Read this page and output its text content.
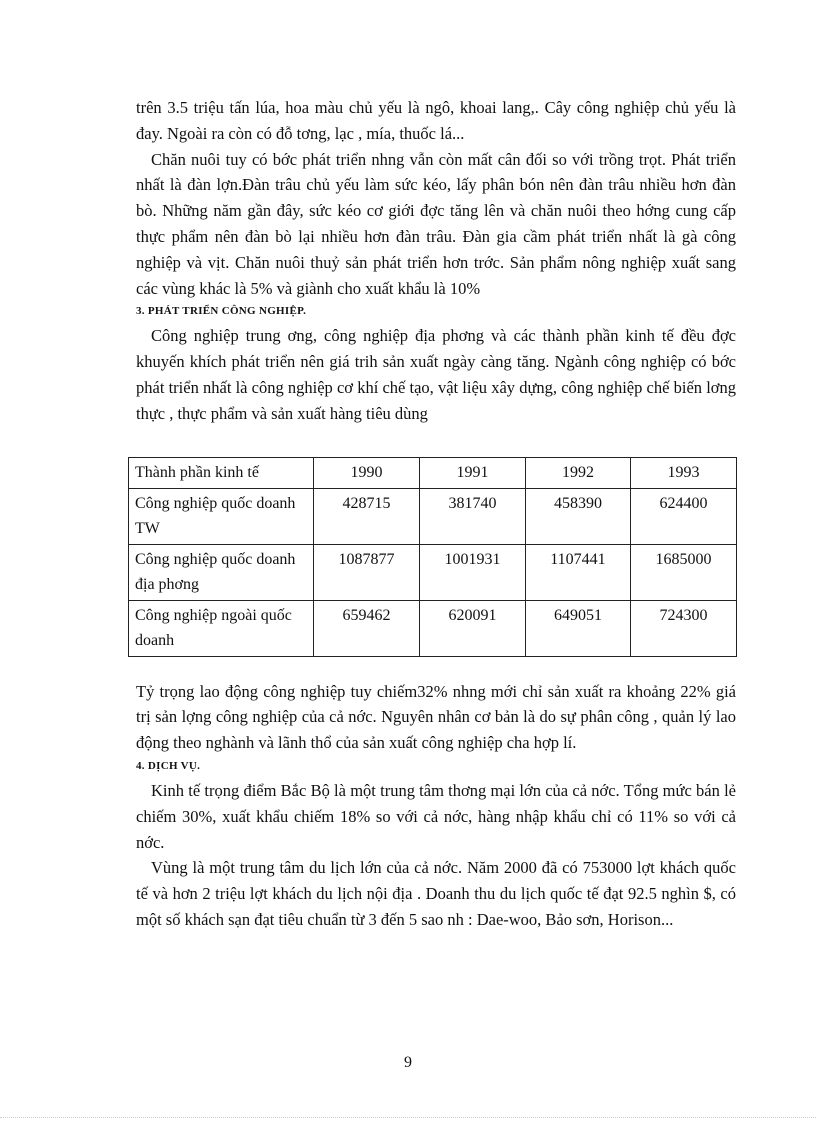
trên 3.5 triệu tấn lúa, hoa màu chủ yếu là ngô, khoai lang,. Cây công nghiệp chủ yếu là đay. Ngoài ra còn có đỗ tơng, lạc , mía, thuốc lá...

Chăn nuôi tuy có bớc phát triển nhng vẫn còn mất cân đối so với trồng trọt. Phát triển nhất là đàn lợn.Đàn trâu chủ yếu làm sức kéo, lấy phân bón nên đàn trâu nhiều hơn đàn bò. Những năm gần đây, sức kéo cơ giới đợc tăng lên và chăn nuôi theo hớng cung cấp thực phẩm nên đàn bò lại nhiều hơn đàn trâu. Đàn gia cầm phát triển nhất là gà công nghiệp và vịt. Chăn nuôi thuỷ sản phát triển hơn trớc. Sản phẩm nông nghiệp xuất sang các vùng khác là 5% và giành cho xuất khẩu là 10%

3. PHÁT TRIỂN CÔNG NGHIỆP.

Công nghiệp trung ơng, công nghiệp địa phơng và các thành phần kinh tế đều đợc khuyến khích phát triển nên giá trih sản xuất ngày càng tăng. Ngành công nghiệp có bớc phát triển nhất là công nghiệp cơ khí chế tạo, vật liệu xây dựng, công nghiệp chế biến lơng thực , thực phẩm và sản xuất hàng tiêu dùng

Thành phần kinh tế	1990	1991	1992	1993
Công nghiệp quốc doanh TW	428715	381740	458390	624400
Công nghiệp quốc doanh địa phơng	1087877	1001931	1107441	1685000
Công nghiệp ngoài quốc doanh	659462	620091	649051	724300

Tỷ trọng lao động công nghiệp tuy chiếm32% nhng mới chỉ sản xuất ra khoảng 22% giá trị sản lợng công nghiệp của cả nớc. Nguyên nhân cơ bản là do sự phân công , quản lý lao động theo nghành và lãnh thổ của sản xuất công nghiệp cha hợp lí.

4. DỊCH VỤ.

Kinh tế trọng điểm Bắc Bộ là một trung tâm thơng mại lớn của cả nớc. Tổng mức bán lẻ chiếm 30%, xuất khẩu chiếm 18% so với cả nớc, hàng nhập khẩu chỉ có 11% so với cả nớc.

Vùng là một trung tâm du lịch lớn của cả nớc. Năm 2000 đã có 753000 lợt khách quốc tế và hơn 2 triệu lợt khách du lịch nội địa . Doanh thu du lịch quốc tế đạt 92.5 nghìn $, có một số khách sạn đạt tiêu chuẩn từ 3 đến 5 sao nh : Dae-woo, Bảo sơn, Horison...

9
